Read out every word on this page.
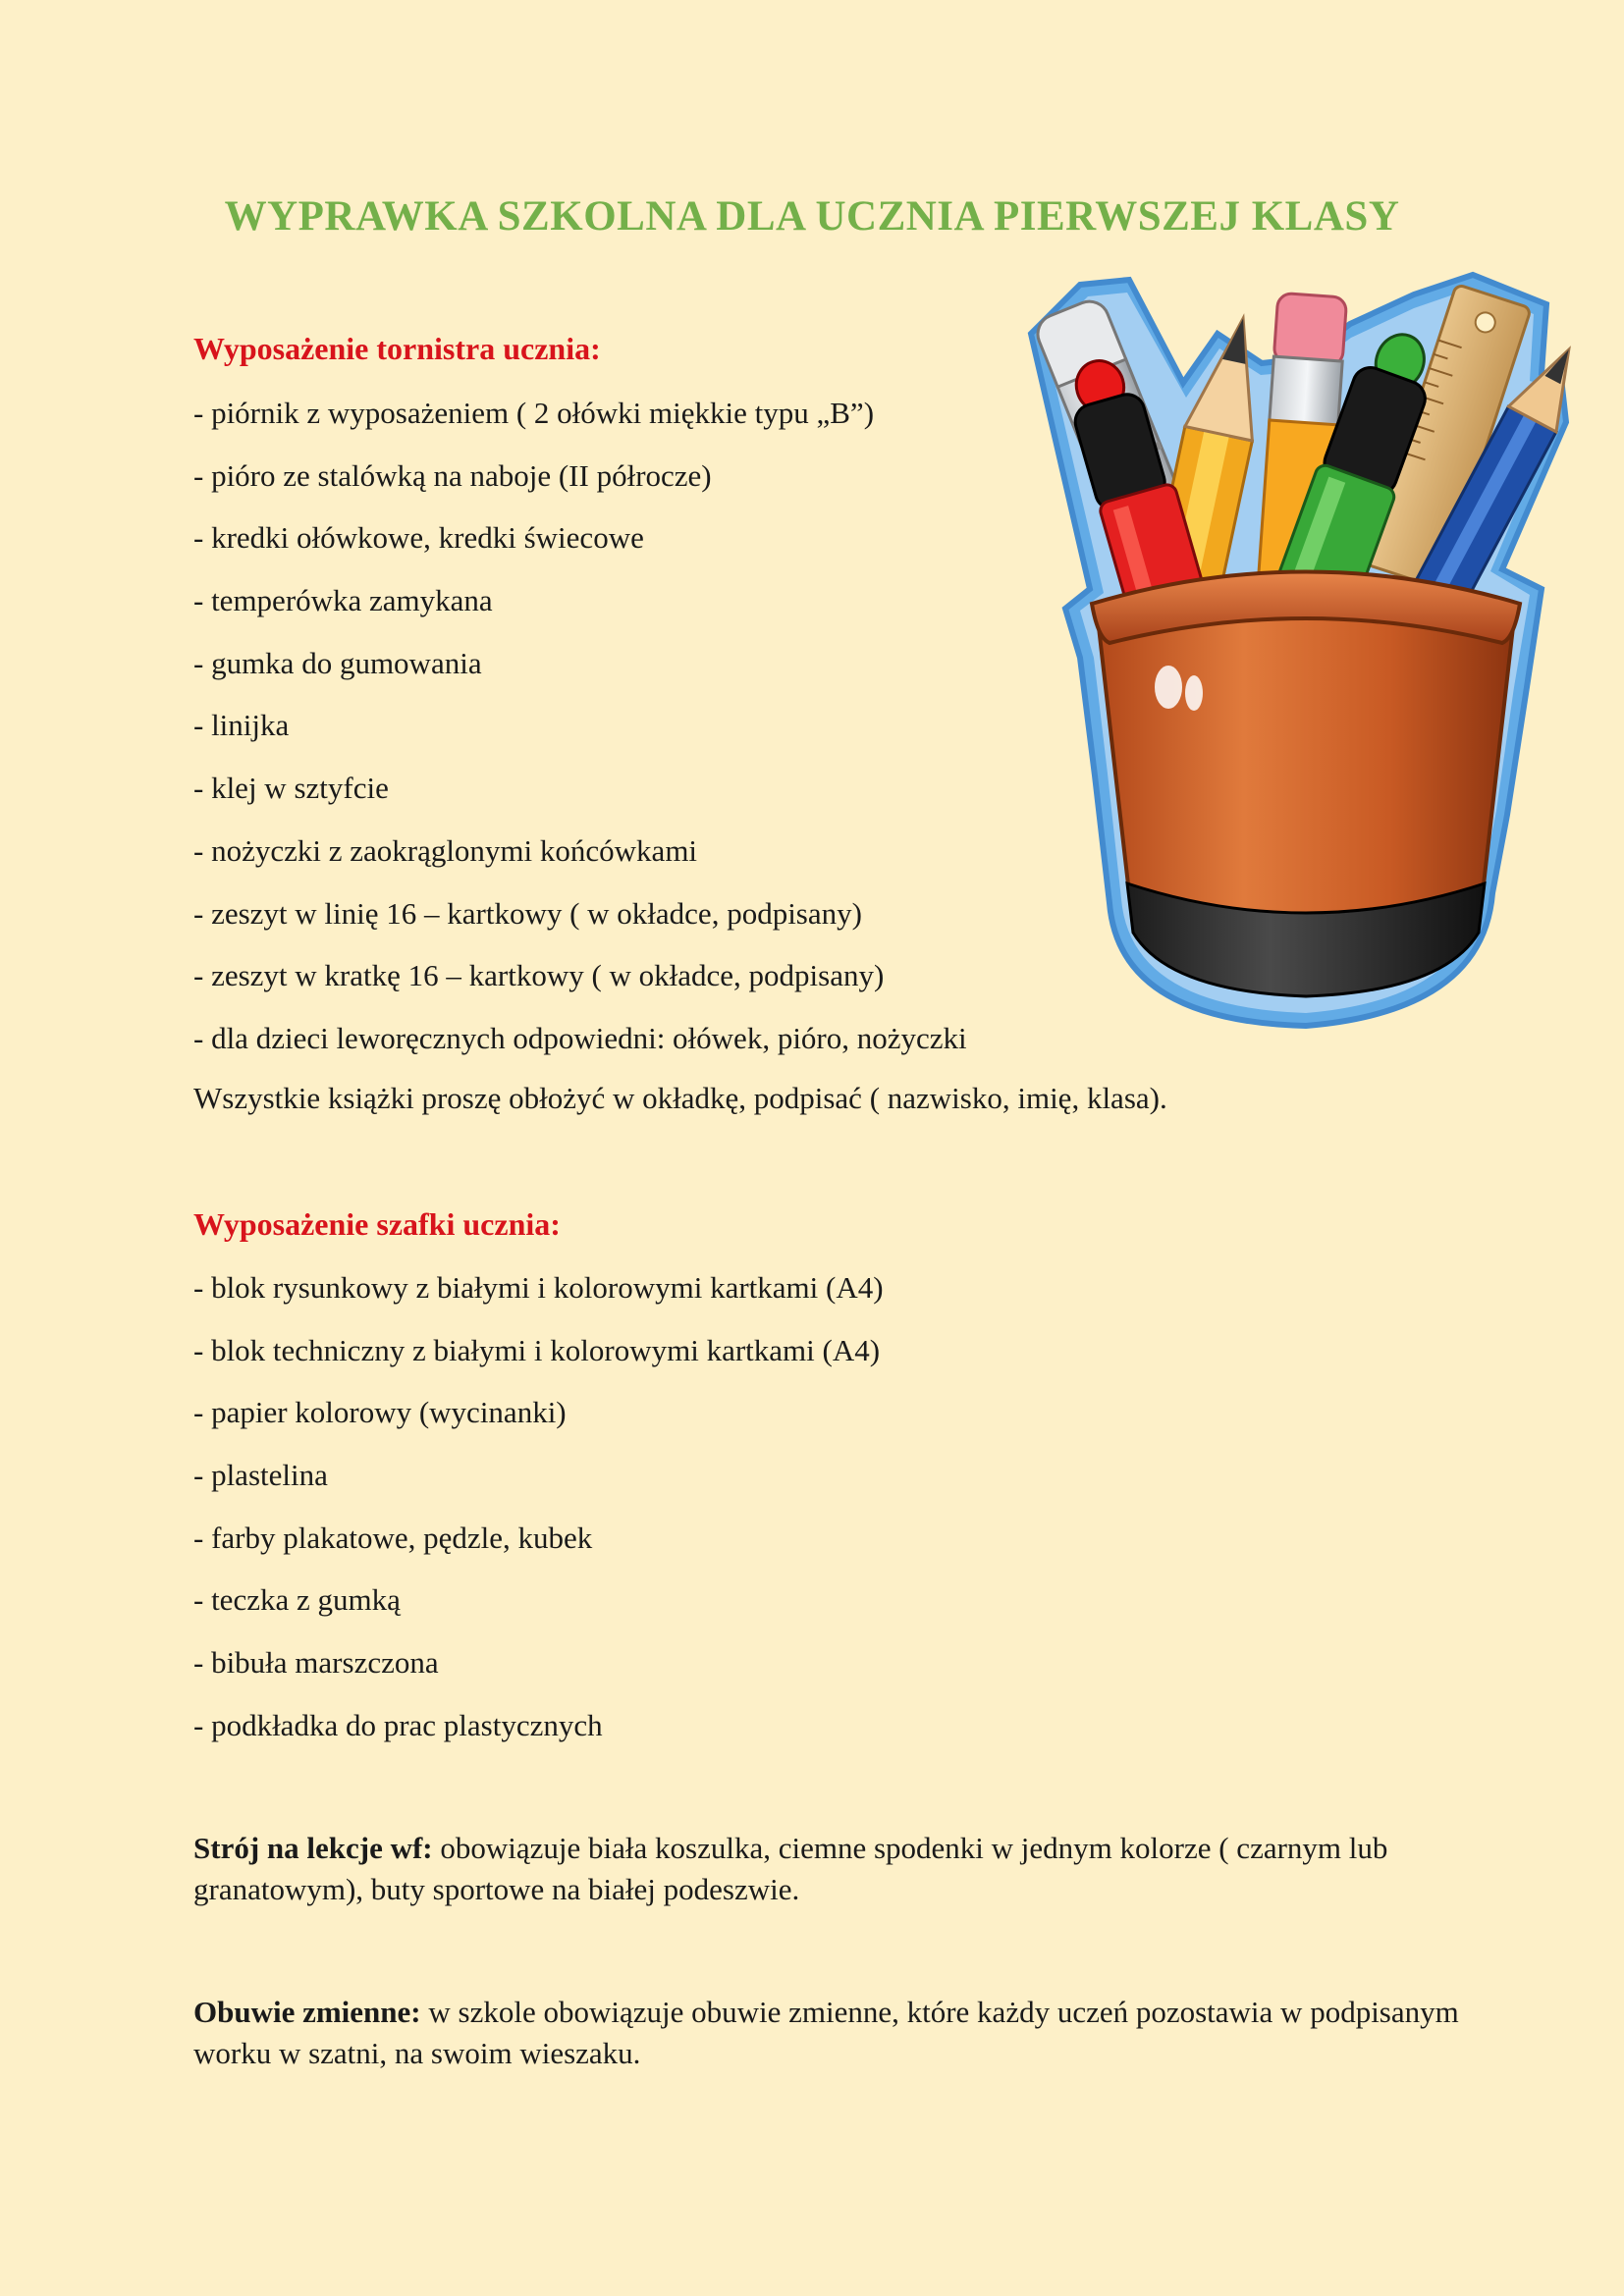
WYPRAWKA SZKOLNA DLA UCZNIA PIERWSZEJ KLASY
Wyposażenie tornistra ucznia:
- piórnik z wyposażeniem ( 2 ołówki miękkie typu „B”)
- pióro ze stalówką na naboje (II półrocze)
- kredki ołówkowe, kredki świecowe
- temperówka zamykana
- gumka do gumowania
- linijka
- klej w sztyfcie
- nożyczki z zaokrąglonymi końcówkami
- zeszyt w linię 16 – kartkowy ( w okładce, podpisany)
- zeszyt w kratkę 16 – kartkowy ( w okładce, podpisany)
- dla dzieci leworęcznych odpowiedni: ołówek, pióro, nożyczki

Wszystkie książki proszę obłożyć w okładkę, podpisać ( nazwisko, imię, klasa).

Wyposażenie szafki ucznia:
- blok rysunkowy z białymi i kolorowymi kartkami (A4)
- blok techniczny z białymi i kolorowymi kartkami (A4)
- papier kolorowy (wycinanki)
- plastelina
- farby plakatowe, pędzle, kubek
- teczka z gumką
- bibuła marszczona
- podkładka do prac plastycznych

Strój na lekcje wf: obowiązuje biała koszulka, ciemne spodenki w jednym kolorze ( czarnym lub granatowym), buty sportowe na białej podeszwie.

Obuwie zmienne: w szkole obowiązuje obuwie zmienne, które każdy uczeń pozostawia w podpisanym worku w szatni, na swoim wieszaku.
